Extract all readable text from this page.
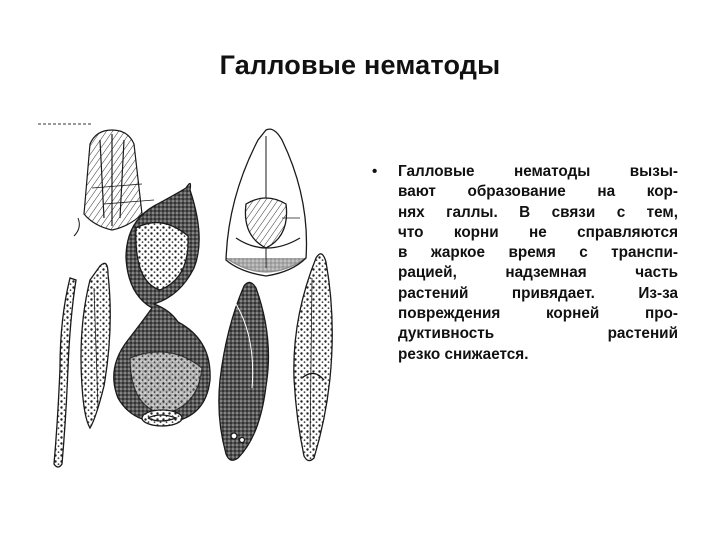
Галловые нематоды
• Галловые нематоды вызы-
вают образование на кор-
нях галлы. В связи с тем,
что корни не справляются
в жаркое время с транспи-
рацией, надземная часть
растений привядает. Из-за
повреждения корней про-
дуктивность растений
резко снижается.
